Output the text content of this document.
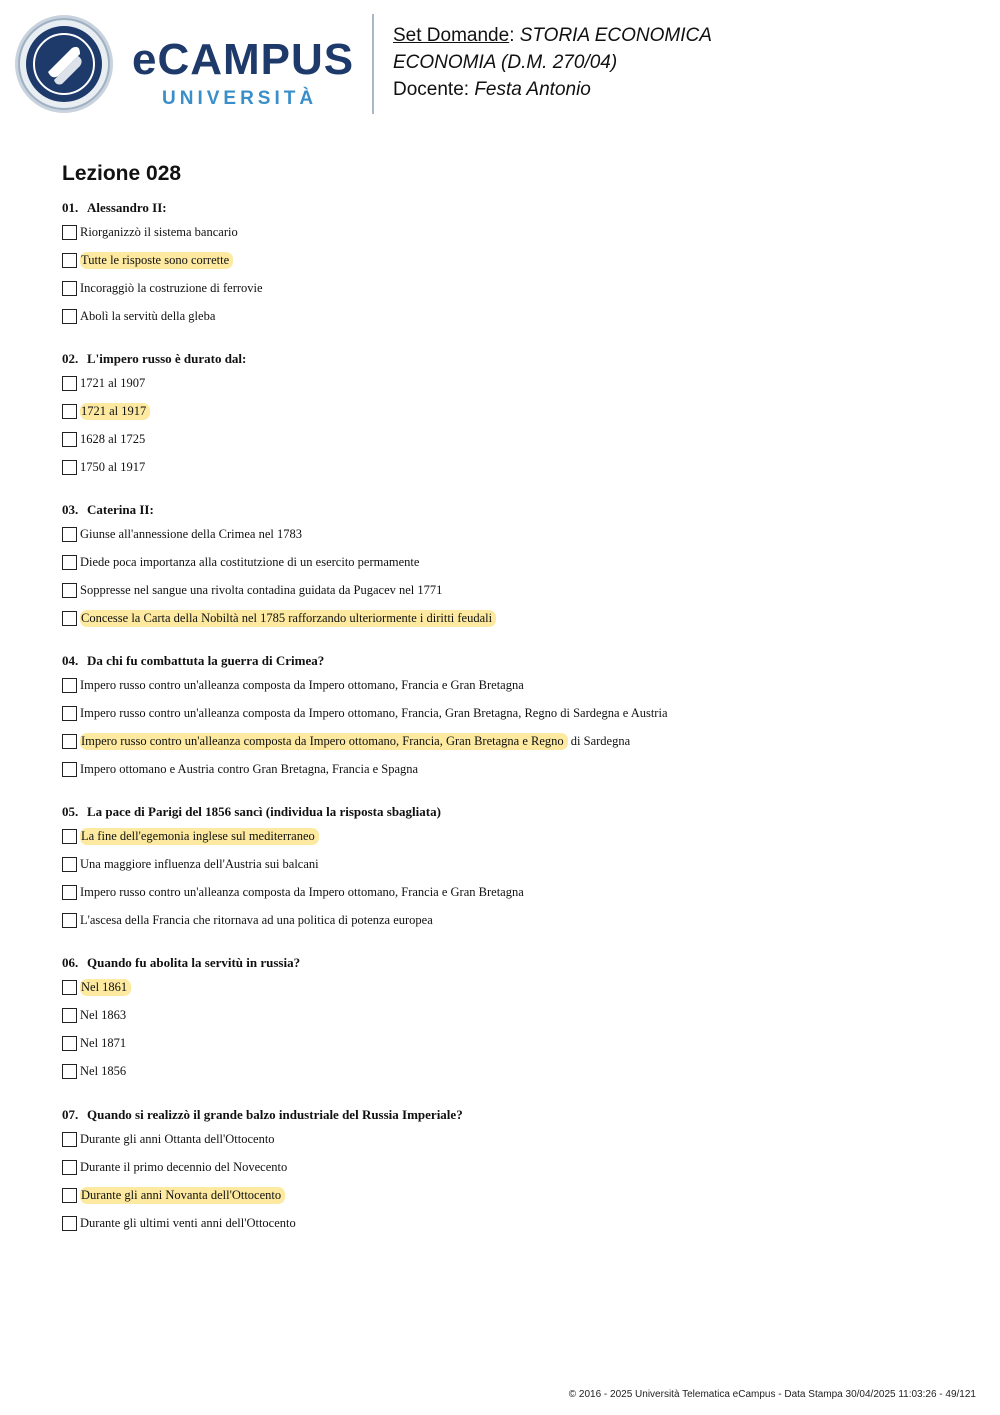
eCAMPUS
UNIVERSITÀ
Set Domande: STORIA ECONOMICA
ECONOMIA (D.M. 270/04)
Docente: Festa Antonio
Lezione 028
01. Alessandro II:
Riorganizzò il sistema bancario
Tutte le risposte sono corrette
Incoraggiò la costruzione di ferrovie
Abolì la servitù della gleba
02. L'impero russo è durato dal:
1721 al 1907
1721 al 1917
1628 al 1725
1750 al 1917
03. Caterina II:
Giunse all'annessione della Crimea nel 1783
Diede poca importanza alla costitutzione di un esercito permamente
Soppresse nel sangue una rivolta contadina guidata da Pugacev nel 1771
Concesse la Carta della Nobiltà nel 1785 rafforzando ulteriormente i diritti feudali
04. Da chi fu combattuta la guerra di Crimea?
Impero russo contro un'alleanza composta da Impero ottomano, Francia e Gran Bretagna
Impero russo contro un'alleanza composta da Impero ottomano, Francia, Gran Bretagna, Regno di Sardegna e Austria
Impero russo contro un'alleanza composta da Impero ottomano, Francia, Gran Bretagna e Regno di Sardegna
Impero ottomano e Austria contro Gran Bretagna, Francia e Spagna
05. La pace di Parigi del 1856 sancì (individua la risposta sbagliata)
La fine dell'egemonia inglese sul mediterraneo
Una maggiore influenza dell'Austria sui balcani
Impero russo contro un'alleanza composta da Impero ottomano, Francia e Gran Bretagna
L'ascesa della Francia che ritornava ad una politica di potenza europea
06. Quando fu abolita la servitù in russia?
Nel 1861
Nel 1863
Nel 1871
Nel 1856
07. Quando si realizzò il grande balzo industriale del Russia Imperiale?
Durante gli anni Ottanta dell'Ottocento
Durante il primo decennio del Novecento
Durante gli anni Novanta dell'Ottocento
Durante gli ultimi venti anni dell'Ottocento
© 2016 - 2025 Università Telematica eCampus - Data Stampa 30/04/2025 11:03:26 - 49/121
